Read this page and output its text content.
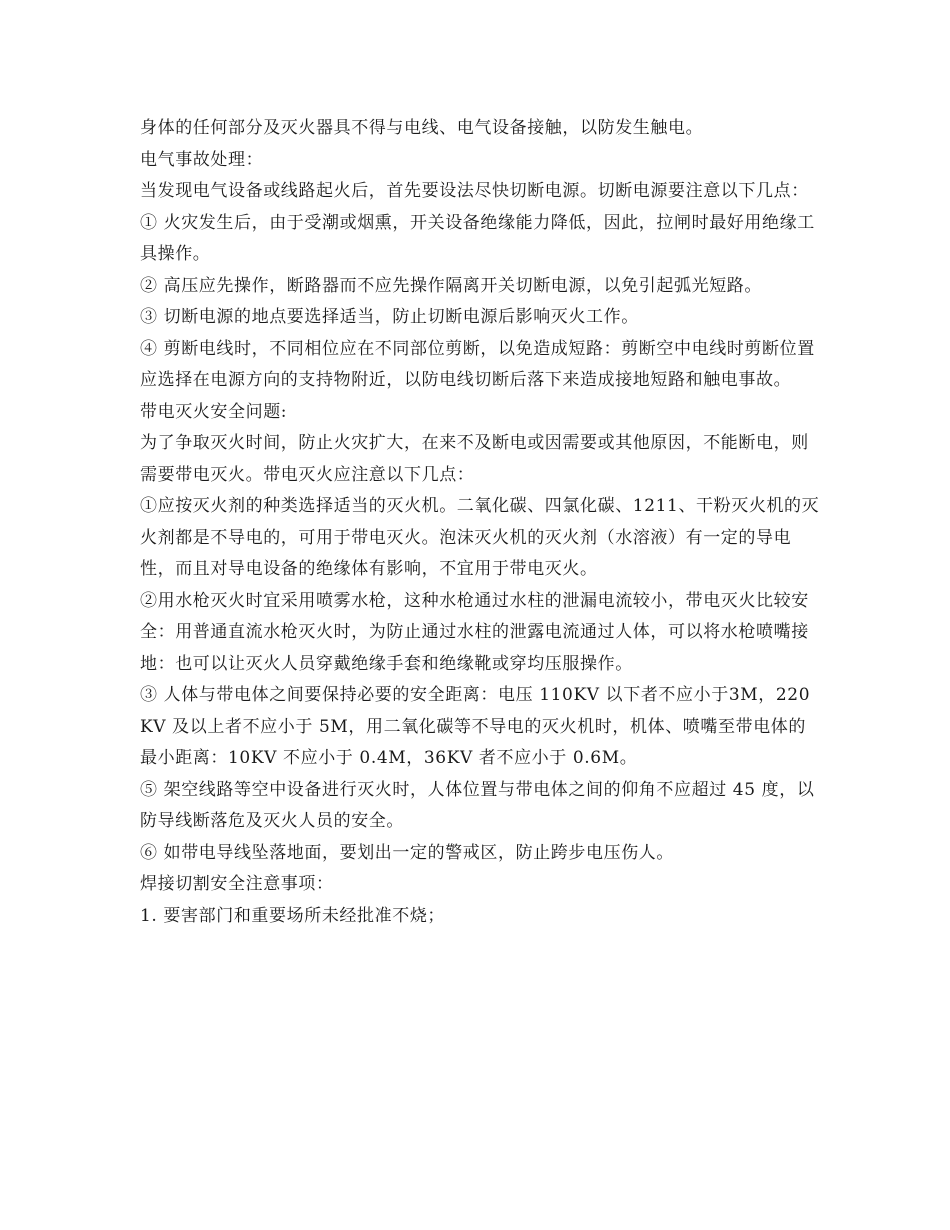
身体的任何部分及灭火器具不得与电线、电气设备接触，以防发生触电。

电气事故处理：

当发现电气设备或线路起火后，首先要设法尽快切断电源。切断电源要注意以下几点：

① 火灾发生后，由于受潮或烟熏，开关设备绝缘能力降低，因此，拉闸时最好用绝缘工具操作。

② 高压应先操作，断路器而不应先操作隔离开关切断电源，以免引起弧光短路。

③ 切断电源的地点要选择适当，防止切断电源后影响灭火工作。

④ 剪断电线时，不同相位应在不同部位剪断，以免造成短路：剪断空中电线时剪断位置应选择在电源方向的支持物附近，以防电线切断后落下来造成接地短路和触电事故。

带电灭火安全问题:

为了争取灭火时间，防止火灾扩大，在来不及断电或因需要或其他原因，不能断电，则需要带电灭火。带电灭火应注意以下几点：

①应按灭火剂的种类选择适当的灭火机。二氧化碳、四氯化碳、1211、干粉灭火机的灭火剂都是不导电的，可用于带电灭火。泡沫灭火机的灭火剂（水溶液）有一定的导电性，而且对导电设备的绝缘体有影响，不宜用于带电灭火。

②用水枪灭火时宜采用喷雾水枪，这种水枪通过水柱的泄漏电流较小，带电灭火比较安全：用普通直流水枪灭火时，为防止通过水柱的泄露电流通过人体，可以将水枪喷嘴接地：也可以让灭火人员穿戴绝缘手套和绝缘靴或穿均压服操作。

③ 人体与带电体之间要保持必要的安全距离：电压 110KV 以下者不应小于3M，220KV 及以上者不应小于 5M，用二氧化碳等不导电的灭火机时，机体、喷嘴至带电体的最小距离：10KV 不应小于 0.4M，36KV 者不应小于 0.6M。

⑤ 架空线路等空中设备进行灭火时，人体位置与带电体之间的仰角不应超过 45 度，以防导线断落危及灭火人员的安全。

⑥ 如带电导线坠落地面，要划出一定的警戒区，防止跨步电压伤人。

焊接切割安全注意事项：

1. 要害部门和重要场所未经批准不烧；
